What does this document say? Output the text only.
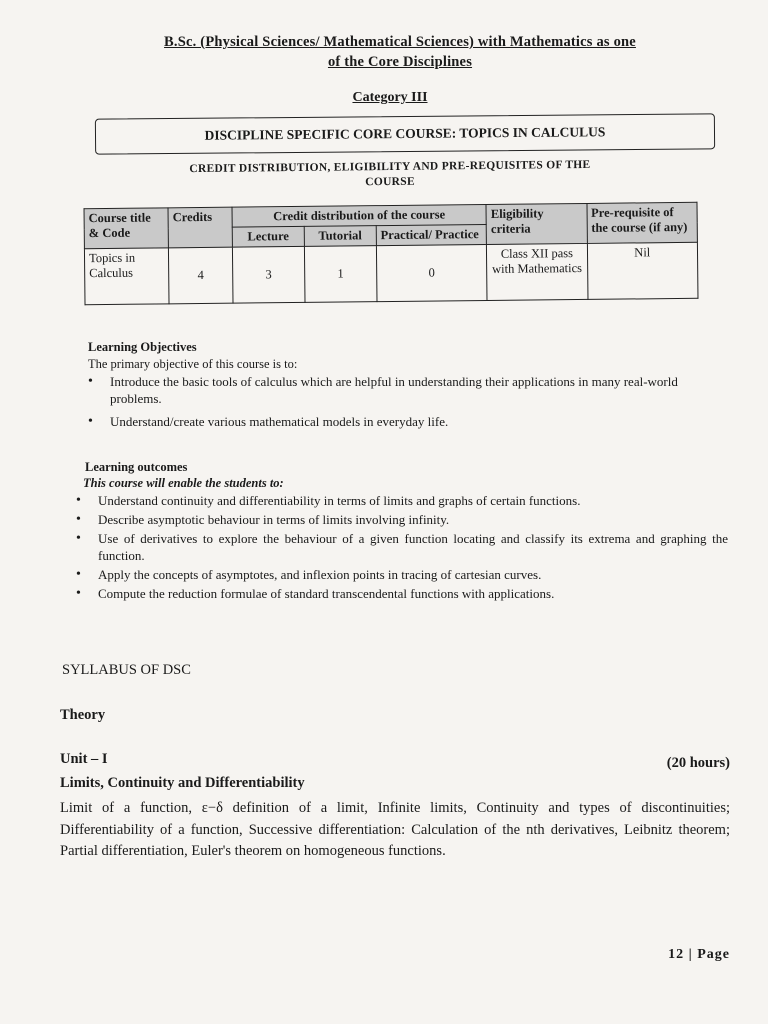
B.Sc. (Physical Sciences/ Mathematical Sciences) with Mathematics as one
of the Core Disciplines
Category III
DISCIPLINE SPECIFIC CORE COURSE: TOPICS IN CALCULUS
CREDIT DISTRIBUTION, ELIGIBILITY AND PRE-REQUISITES OF THE
COURSE
Course title & Code	Credits	Credit distribution of the course			Eligibility criteria	Pre-requisite of the course (if any)
		Lecture	Tutorial	Practical/ Practice		
Topics in Calculus	4	3	1	0	Class XII pass with Mathematics	Nil
Learning Objectives
The primary objective of this course is to:
• Introduce the basic tools of calculus which are helpful in understanding their applications in many real-world problems.
• Understand/create various mathematical models in everyday life.
Learning outcomes
This course will enable the students to:
• Understand continuity and differentiability in terms of limits and graphs of certain functions.
• Describe asymptotic behaviour in terms of limits involving infinity.
• Use of derivatives to explore the behaviour of a given function locating and classify its extrema and graphing the function.
• Apply the concepts of asymptotes, and inflexion points in tracing of cartesian curves.
• Compute the reduction formulae of standard transcendental functions with applications.
SYLLABUS OF DSC
Theory
Unit – I	(20 hours)
Limits, Continuity and Differentiability
Limit of a function, ε−δ definition of a limit, Infinite limits, Continuity and types of discontinuities; Differentiability of a function, Successive differentiation: Calculation of the nth derivatives, Leibnitz theorem; Partial differentiation, Euler's theorem on homogeneous functions.
12 | Page
